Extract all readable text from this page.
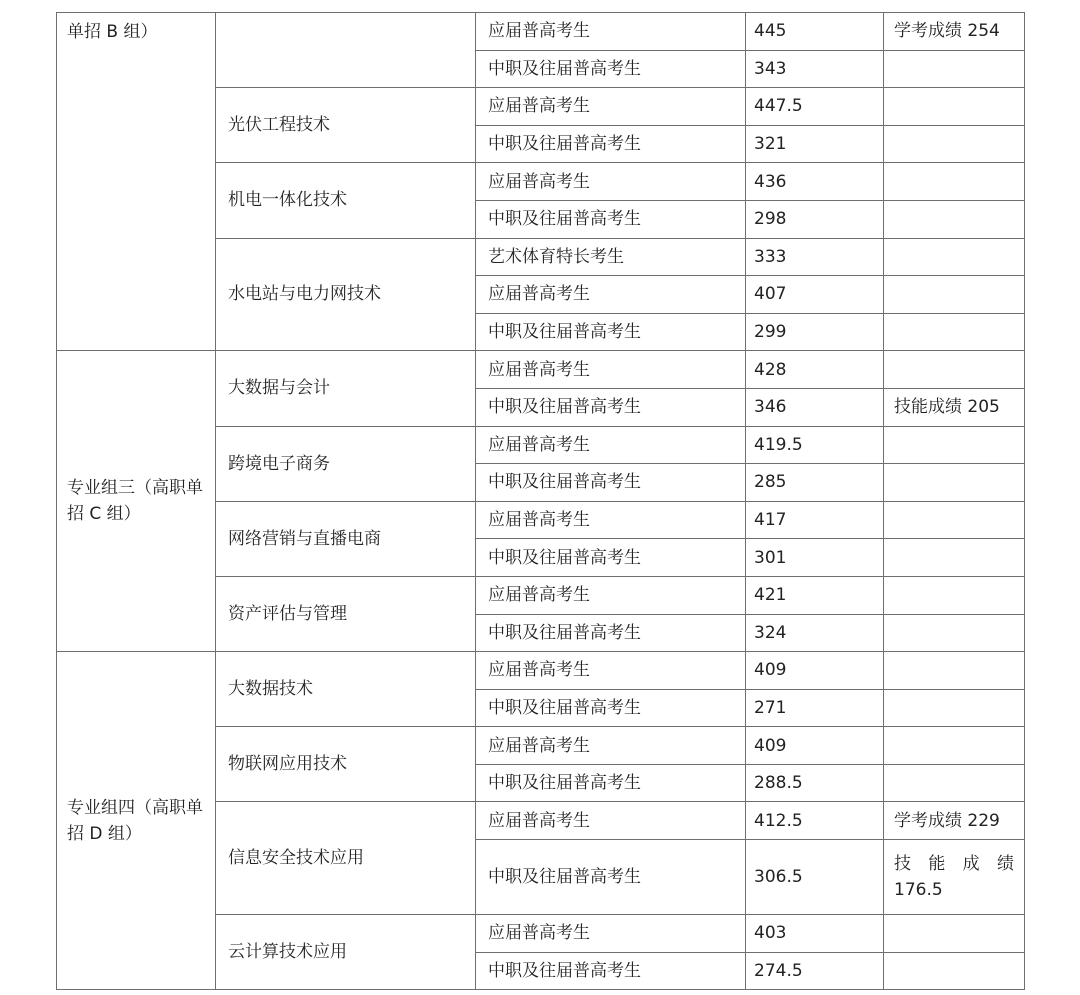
单招 B 组）		应届普高考生	445	学考成绩 254
		中职及往届普高考生	343	
	光伏工程技术	应届普高考生	447.5	
		中职及往届普高考生	321	
	机电一体化技术	应届普高考生	436	
		中职及往届普高考生	298	
	水电站与电力网技术	艺术体育特长考生	333	
		应届普高考生	407	
		中职及往届普高考生	299	
专业组三（高职单招 C 组）	大数据与会计	应届普高考生	428	
		中职及往届普高考生	346	技能成绩 205
	跨境电子商务	应届普高考生	419.5	
		中职及往届普高考生	285	
	网络营销与直播电商	应届普高考生	417	
		中职及往届普高考生	301	
	资产评估与管理	应届普高考生	421	
		中职及往届普高考生	324	
专业组四（高职单招 D 组）	大数据技术	应届普高考生	409	
		中职及往届普高考生	271	
	物联网应用技术	应届普高考生	409	
		中职及往届普高考生	288.5	
	信息安全技术应用	应届普高考生	412.5	学考成绩 229
		中职及往届普高考生	306.5	技 能 成 绩 176.5

	云计算技术应用	应届普高考生	403	
		中职及往届普高考生	274.5	
